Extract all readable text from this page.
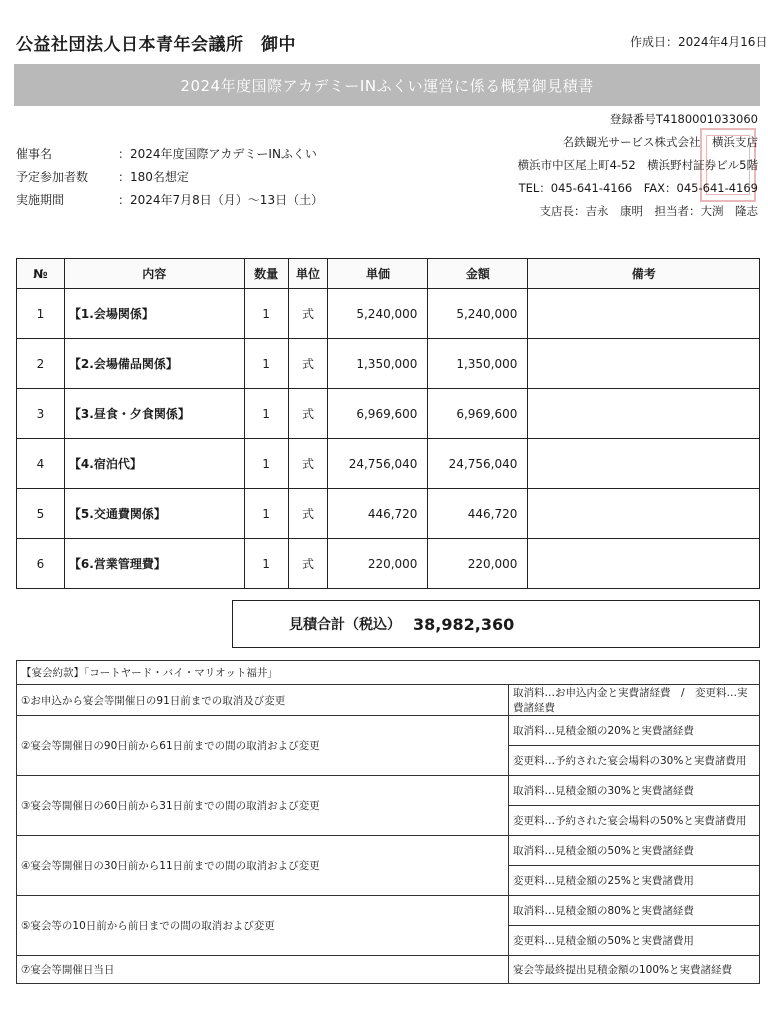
公益社団法人日本青年会議所　御中	作成日：2024年4月16日
2024年度国際アカデミーINふくい運営に係る概算御見積書
催事名	：2024年度国際アカデミーINふくい
予定参加者数	：180名想定
実施期間	：2024年7月8日（月）～13日（土）
登録番号T4180001033060
名鉄観光サービス株式会社　横浜支店
横浜市中区尾上町4-52　横浜野村証券ビル5階
TEL：045-641-4166　FAX：045-641-4169
支店長：吉永　康明　担当者：大渕　隆志
№	内容	数量	単位	単価	金額	備考
1	【1.会場関係】	1	式	5,240,000	5,240,000	
2	【2.会場備品関係】	1	式	1,350,000	1,350,000	
3	【3.昼食・夕食関係】	1	式	6,969,600	6,969,600	
4	【4.宿泊代】	1	式	24,756,040	24,756,040	
5	【5.交通費関係】	1	式	446,720	446,720	
6	【6.営業管理費】	1	式	220,000	220,000	
見積合計（税込） 38,982,360
【宴会約款】「コートヤード・バイ・マリオット福井」	
①お申込から宴会等開催日の91日前までの取消及び変更	取消料…お申込内金と実費諸経費　/　変更料…実費諸経費
②宴会等開催日の90日前から61日前までの間の取消および変更	取消料…見積金額の20%と実費諸経費
	変更料…予約された宴会場料の30%と実費諸費用
③宴会等開催日の60日前から31日前までの間の取消および変更	取消料…見積金額の30%と実費諸経費
	変更料…予約された宴会場料の50%と実費諸費用
④宴会等開催日の30日前から11日前までの間の取消および変更	取消料…見積金額の50%と実費諸経費
	変更料…見積金額の25%と実費諸費用
⑤宴会等の10日前から前日までの間の取消および変更	取消料…見積金額の80%と実費諸経費
	変更料…見積金額の50%と実費諸費用
⑦宴会等開催日当日	宴会等最終提出見積金額の100%と実費諸経費
